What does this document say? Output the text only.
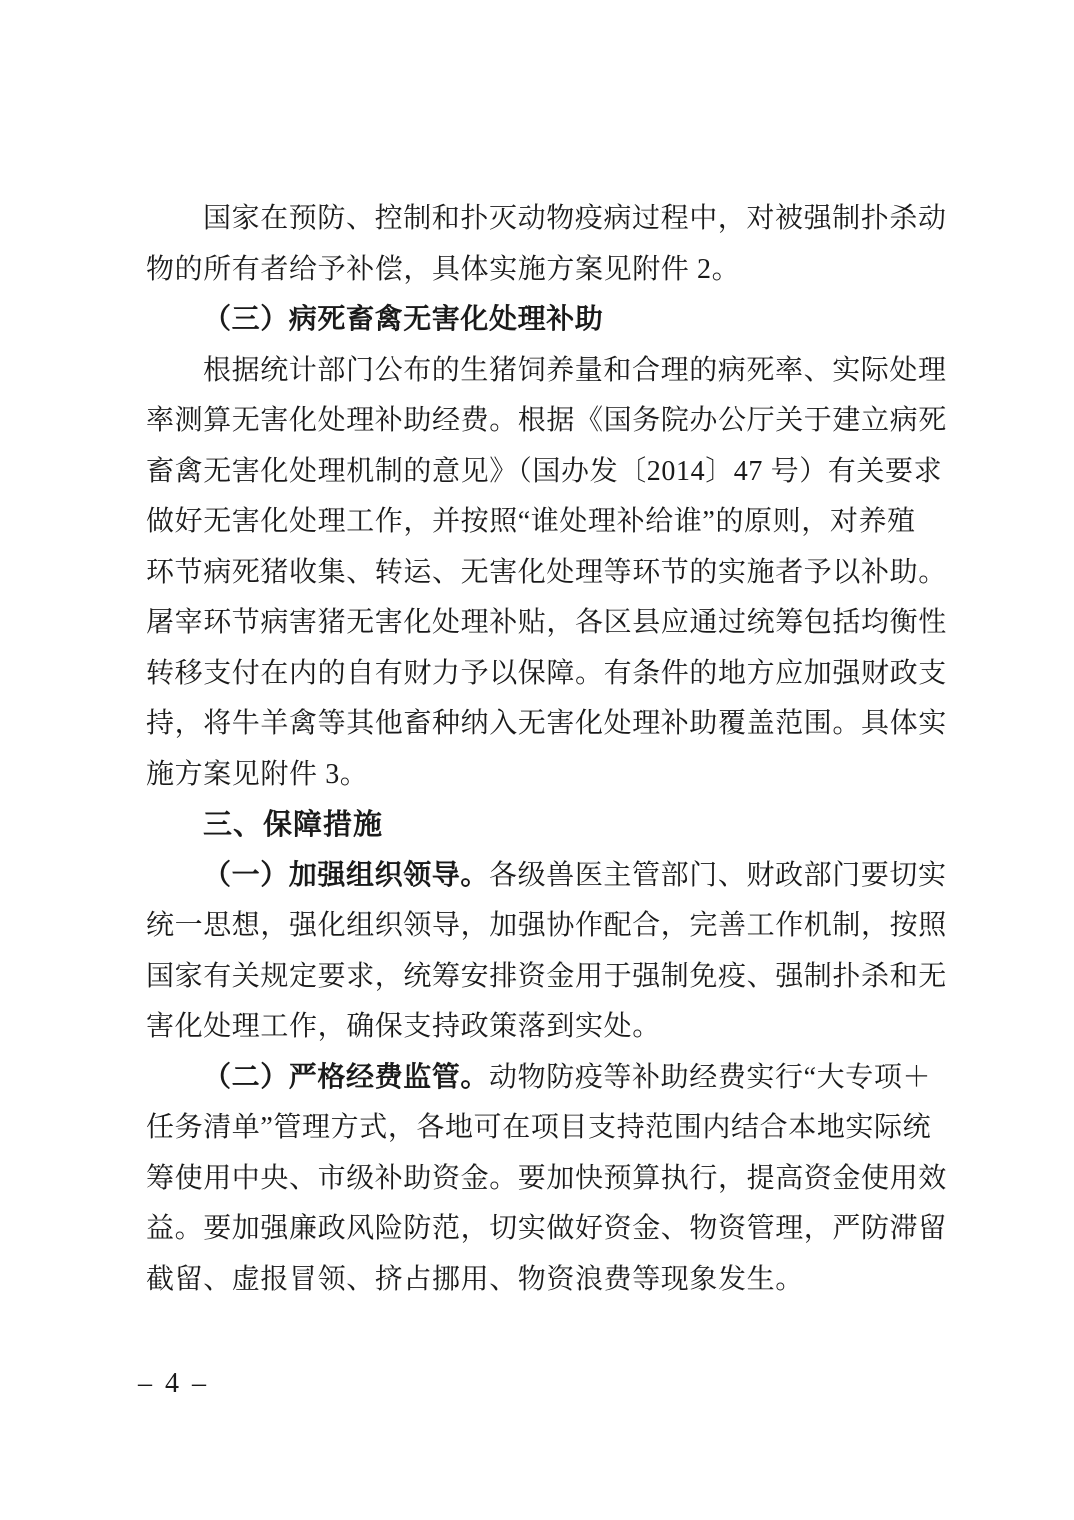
国家在预防、控制和扑灭动物疫病过程中，对被强制扑杀动
物的所有者给予补偿，具体实施方案见附件 2。
（三）病死畜禽无害化处理补助
根据统计部门公布的生猪饲养量和合理的病死率、实际处理
率测算无害化处理补助经费。根据《国务院办公厅关于建立病死
畜禽无害化处理机制的意见》（国办发〔2014〕47 号）有关要求
做好无害化处理工作，并按照“谁处理补给谁”的原则，对养殖
环节病死猪收集、转运、无害化处理等环节的实施者予以补助。
屠宰环节病害猪无害化处理补贴，各区县应通过统筹包括均衡性
转移支付在内的自有财力予以保障。有条件的地方应加强财政支
持，将牛羊禽等其他畜种纳入无害化处理补助覆盖范围。具体实
施方案见附件 3。
三、保障措施
（一）加强组织领导。各级兽医主管部门、财政部门要切实
统一思想，强化组织领导，加强协作配合，完善工作机制，按照
国家有关规定要求，统筹安排资金用于强制免疫、强制扑杀和无
害化处理工作，确保支持政策落到实处。
（二）严格经费监管。动物防疫等补助经费实行“大专项＋
任务清单”管理方式，各地可在项目支持范围内结合本地实际统
筹使用中央、市级补助资金。要加快预算执行，提高资金使用效
益。要加强廉政风险防范，切实做好资金、物资管理，严防滞留
截留、虚报冒领、挤占挪用、物资浪费等现象发生。
– 4 –
